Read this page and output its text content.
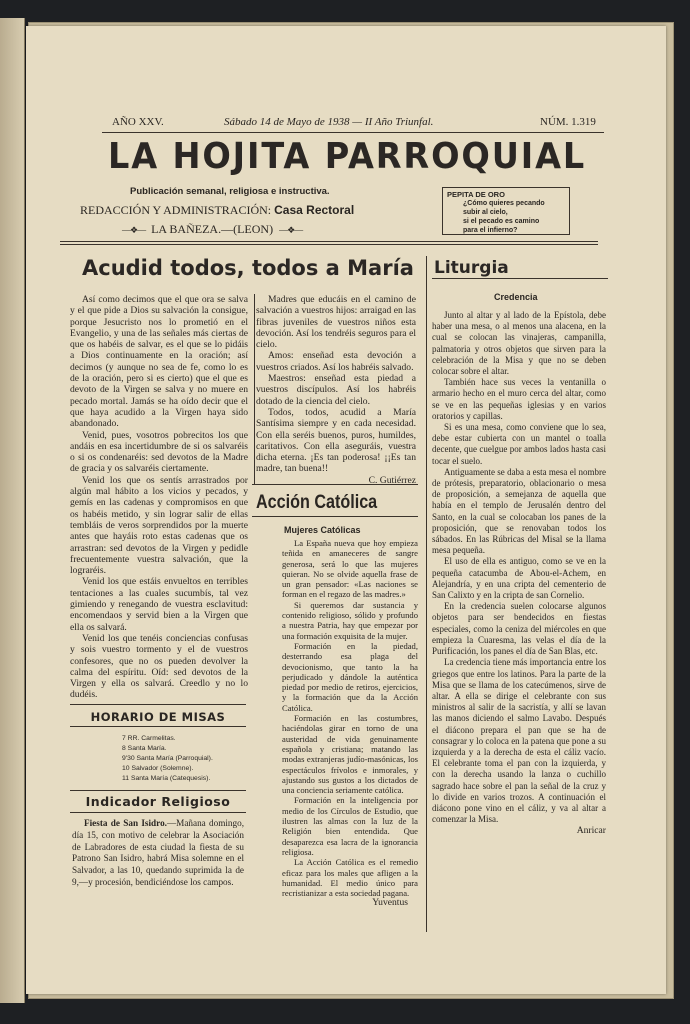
AÑO XXV.	Sábado 14 de Mayo de 1938 — II Año Triunfal.	NÚM. 1.319
LA HOJITA PARROQUIAL
Publicación semanal, religiosa e instructiva.
REDACCIÓN Y ADMINISTRACIÓN: Casa Rectoral
—❖— LA BAÑEZA.—(LEON) —❖—
PEPITA DE ORO
¿Cómo quieres pecando
subir al cielo,
si el pecado es camino
para el infierno?
Acudid todos, todos a María

Así como decimos que el que ora se salva y el que pide a Dios su salvación la consigue, porque Jesucristo nos lo prometió en el Evangelio, y una de las señales más ciertas de que os habéis de salvar, es el que se lo pidáis a Dios continuamente en la oración; así decimos (y aunque no sea de fe, como lo es de la oración, pero si es cierto) que el que es devoto de la Virgen se salva y no muere en pecado mortal. Jamás se ha oído decir que el que haya acudido a la Virgen haya sido abandonado.

Venid, pues, vosotros pobrecitos los que andáis en esa incertidumbre de si os salvaréis o si os condenaréis: sed devotos de la Madre de gracia y os salvaréis ciertamente.

Venid los que os sentís arrastrados por algún mal hábito a los vicios y pecados, y gemís en las cadenas y compromisos en que os habéis metido, y sin lograr salir de ellas tembláis de veros sorprendidos por la muerte antes que hayáis roto estas cadenas que os arrastran: sed devotos de la Virgen y pedidle frecuentemente vuestra salvación, que la lograréis.

Venid los que estáis envueltos en terribles tentaciones a las cuales sucumbís, tal vez gimiendo y renegando de vuestra esclavitud: encomendaos y servid bien a la Virgen que ella os salvará.

Venid los que tenéis conciencias confusas y sois vuestro tormento y el de vuestros confesores, que no os pueden devolver la calma del espíritu. Oíd: sed devotos de la Virgen y ella os salvará. Creedlo y no lo dudéis.

Madres que educáis en el camino de salvación a vuestros hijos: arraigad en las fibras juveniles de vuestros niños esta devoción. Así los tendréis seguros para el cielo.

Amos: enseñad esta devoción a vuestros criados. Así los habréis salvado.

Maestros: enseñad esta piedad a vuestros discípulos. Así los habréis dotado de la ciencia del cielo.

Todos, todos, acudid a María Santísima siempre y en cada necesidad. Con ella seréis buenos, puros, humildes, caritativos. Con ella aseguráis, vuestra dicha eterna. ¡Es tan poderosa! ¡¡Es tan madre, tan buena!!

C. Gutiérrez
HORARIO DE MISAS
7 RR. Carmelitas.
8 Santa María.
9'30 Santa María (Parroquial).
10 Salvador (Solemne).
11 Santa María (Catequesis).
Indicador Religioso

Fiesta de San Isidro.—Mañana domingo, día 15, con motivo de celebrar la Asociación de Labradores de esta ciudad la fiesta de su Patrono San Isidro, habrá Misa solemne en el Salvador, a las 10, quedando suprimida la de 9,—y procesión, bendiciéndose los campos.

Acción Católica
Mujeres Católicas

La España nueva que hoy empieza teñida en amaneceres de sangre generosa, será lo que las mujeres quieran. No se olvide aquella frase de un gran pensador: «Las naciones se forman en el regazo de las madres.»

Si queremos dar sustancia y contenido religioso, sólido y profundo a nuestra Patria, hay que empezar por una formación exquisita de la mujer.

Formación en la piedad, desterrando esa plaga del devocionismo, que tanto la ha perjudicado y dándole la auténtica piedad por medio de retiros, ejercicios, y la formación que da la Acción Católica.

Formación en las costumbres, haciéndolas girar en torno de una austeridad de vida genuinamente española y cristiana; matando las modas extranjeras judío-masónicas, los espectáculos frívolos e inmorales, y ajustando sus gustos a los dictados de una conciencia seriamente católica.

Formación en la inteligencia por medio de los Círculos de Estudio, que ilustren las almas con la luz de la Religión bien entendida. Que desaparezca esa lacra de la ignorancia religiosa.

La Acción Católica es el remedio eficaz para los males que afligen a la humanidad. El medio único para recristianizar a esta sociedad pagana.

Yuventus
Liturgia
Credencia

Junto al altar y al lado de la Epístola, debe haber una mesa, o al menos una alacena, en la cual se colocan las vinajeras, campanilla, palmatoria y otros objetos que sirven para la celebración de la Misa y que no se deben colocar sobre el altar.

También hace sus veces la ventanilla o armario hecho en el muro cerca del altar, como se ve en las pequeñas iglesias y en varios oratorios y capillas.

Si es una mesa, como conviene que lo sea, debe estar cubierta con un mantel o toalla decente, que cuelgue por ambos lados hasta casi tocar el suelo.

Antiguamente se daba a esta mesa el nombre de prótesis, preparatorio, oblacionario o mesa de proposición, a semejanza de aquella que había en el templo de Jerusalén dentro del Santo, en la cual se colocaban los panes de la proposición, que se renovaban todos los sábados. En las Rúbricas del Misal se la llama mesa pequeña.

El uso de ella es antiguo, como se ve en la pequeña catacumba de Abou-el-Achem, en Alejandría, y en una cripta del cementerio de San Calixto y en la cripta de san Cornelio.

En la credencia suelen colocarse algunos objetos para ser bendecidos en fiestas especiales, como la ceniza del miércoles en que empieza la Cuaresma, las velas el día de la Purificación, los panes el día de San Blas, etc.

La credencia tiene más importancia entre los griegos que entre los latinos. Para la parte de la Misa que se llama de los catecúmenos, sirve de altar. A ella se dirige el celebrante con sus ministros al salir de la sacristía, y allí se lavan las manos diciendo el salmo Lavabo. Después el diácono prepara el pan que se ha de consagrar y lo coloca en la patena que pone a su izquierda y a la derecha de esta el cáliz vacío. El celebrante toma el pan con la izquierda, y con la derecha usando la lanza o cuchillo sagrado hace sobre el pan la señal de la cruz y lo divide en varios trozos. A continuación el diácono pone vino en el cáliz, y va al altar a comenzar la Misa.

Anricar
